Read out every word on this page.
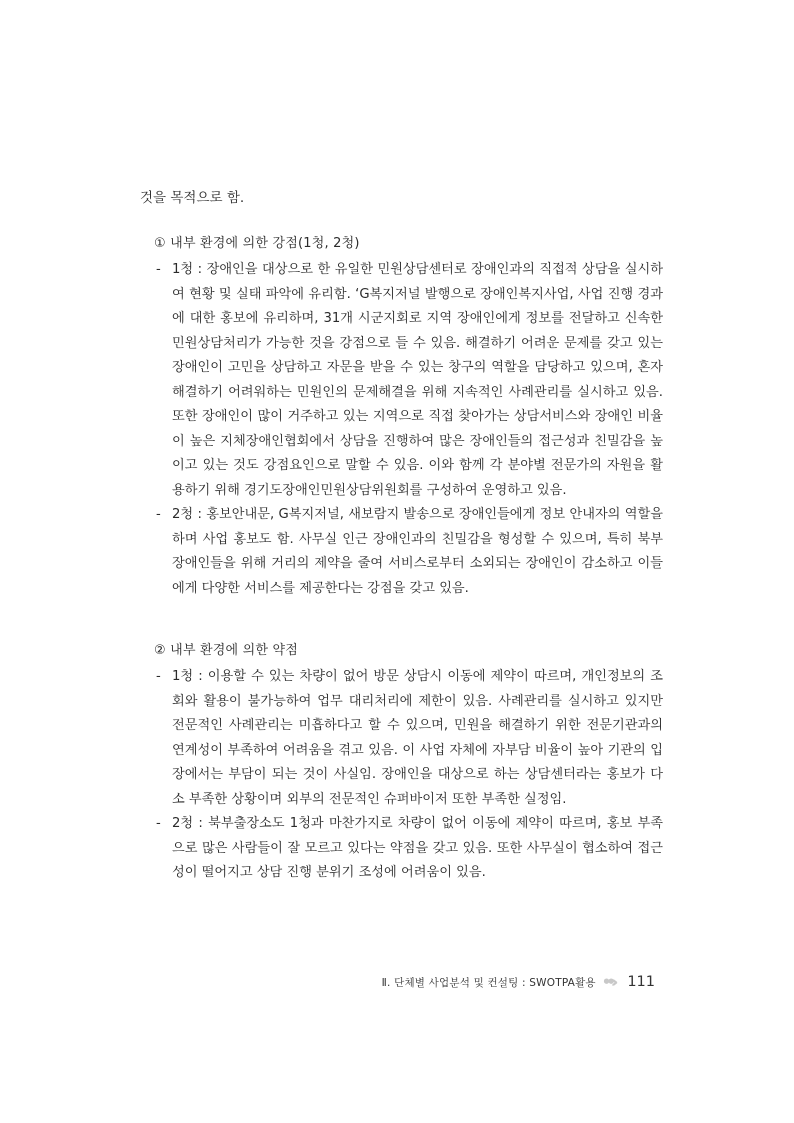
것을 목적으로 함.

① 내부 환경에 의한 강점(1청, 2청)

- 1청 : 장애인을 대상으로 한 유일한 민원상담센터로 장애인과의 직접적 상담을 실시하여 현황 및 실태 파악에 유리함. ‘G복지저널 발행으로 장애인복지사업, 사업 진행 경과에 대한 홍보에 유리하며, 31개 시군지회로 지역 장애인에게 정보를 전달하고 신속한 민원상담처리가 가능한 것을 강점으로 들 수 있음. 해결하기 어려운 문제를 갖고 있는 장애인이 고민을 상담하고 자문을 받을 수 있는 창구의 역할을 담당하고 있으며, 혼자 해결하기 어려워하는 민원인의 문제해결을 위해 지속적인 사례관리를 실시하고 있음. 또한 장애인이 많이 거주하고 있는 지역으로 직접 찾아가는 상담서비스와 장애인 비율이 높은 지체장애인협회에서 상담을 진행하여 많은 장애인들의 접근성과 친밀감을 높이고 있는 것도 강점요인으로 말할 수 있음. 이와 함께 각 분야별 전문가의 자원을 활용하기 위해 경기도장애인민원상담위원회를 구성하여 운영하고 있음.

- 2청 : 홍보안내문, G복지저널, 새보람지 발송으로 장애인들에게 정보 안내자의 역할을 하며 사업 홍보도 함. 사무실 인근 장애인과의 친밀감을 형성할 수 있으며, 특히 북부 장애인들을 위해 거리의 제약을 줄여 서비스로부터 소외되는 장애인이 감소하고 이들에게 다양한 서비스를 제공한다는 강점을 갖고 있음.

② 내부 환경에 의한 약점

- 1청 : 이용할 수 있는 차량이 없어 방문 상담시 이동에 제약이 따르며, 개인정보의 조회와 활용이 불가능하여 업무 대리처리에 제한이 있음. 사례관리를 실시하고 있지만 전문적인 사례관리는 미흡하다고 할 수 있으며, 민원을 해결하기 위한 전문기관과의 연계성이 부족하여 어려움을 겪고 있음. 이 사업 자체에 자부담 비율이 높아 기관의 입장에서는 부담이 되는 것이 사실임. 장애인을 대상으로 하는 상담센터라는 홍보가 다소 부족한 상황이며 외부의 전문적인 슈퍼바이저 또한 부족한 실정임.

- 2청 : 북부출장소도 1청과 마찬가지로 차량이 없어 이동에 제약이 따르며, 홍보 부족으로 많은 사람들이 잘 모르고 있다는 약점을 갖고 있음. 또한 사무실이 협소하여 접근성이 떨어지고 상담 진행 분위기 조성에 어려움이 있음.

Ⅱ. 단체별 사업분석 및 컨설팅 : SWOTPA활용 ••›› 111
